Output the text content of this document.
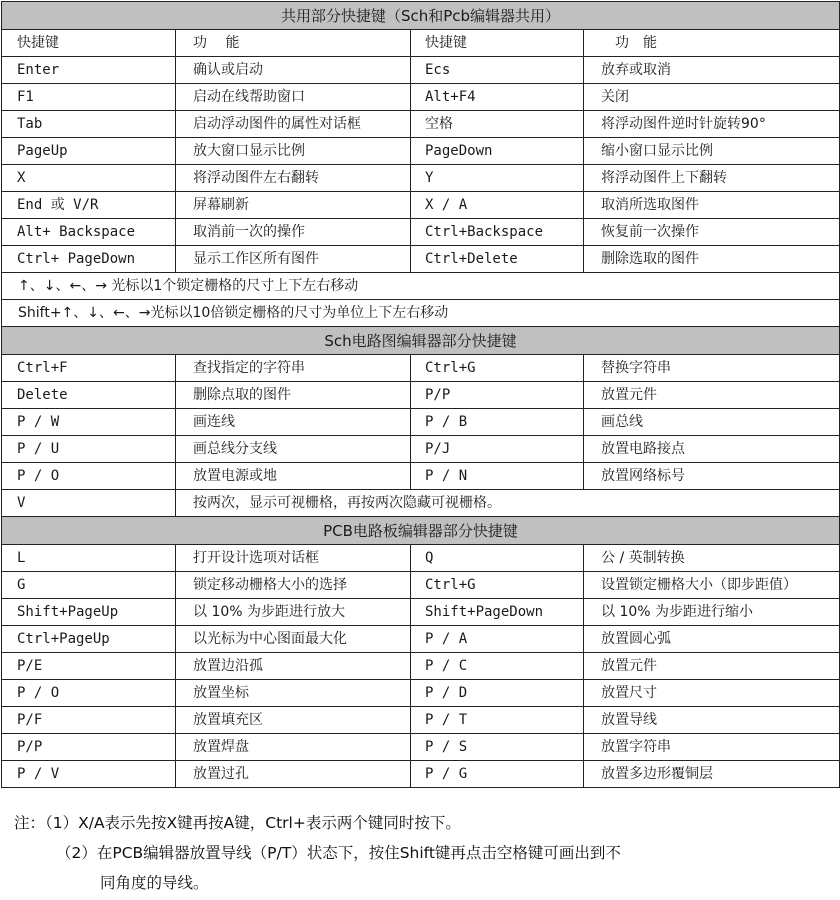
共用部分快捷键（Sch和Pcb编辑器共用）			
快捷键	功　 能	快捷键	　功　能
Enter	确认或启动	Ecs	放弃或取消
F1	启动在线帮助窗口	Alt+F4	关闭
Tab	启动浮动图件的属性对话框	空格	将浮动图件逆时针旋转90°
PageUp	放大窗口显示比例	PageDown	缩小窗口显示比例
X	将浮动图件左右翻转	Y	将浮动图件上下翻转
End 或 V/R	屏幕刷新	X / A	取消所选取图件
Alt+ Backspace	取消前一次的操作	Ctrl+Backspace	恢复前一次操作
Ctrl+ PageDown	显示工作区所有图件	Ctrl+Delete	删除选取的图件
↑、↓、←、→ 光标以1个锁定栅格的尺寸上下左右移动			
Shift+↑、↓、←、→光标以10倍锁定栅格的尺寸为单位上下左右移动			
Sch电路图编辑器部分快捷键			
Ctrl+F	查找指定的字符串	Ctrl+G	替换字符串
Delete	删除点取的图件	P/P	放置元件
P / W	画连线	P / B	画总线
P / U	画总线分支线	P/J	放置电路接点
P / O	放置电源或地	P / N	放置网络标号
V	按两次，显示可视栅格，再按两次隐藏可视栅格。		
PCB电路板编辑器部分快捷键			
L	打开设计选项对话框	Q	公 / 英制转换
G	锁定移动栅格大小的选择	Ctrl+G	设置锁定栅格大小（即步距值）
Shift+PageUp	以 10% 为步距进行放大	Shift+PageDown	以 10% 为步距进行缩小
Ctrl+PageUp	以光标为中心图面最大化	P / A	放置圆心弧
P/E	放置边沿孤	P / C	放置元件
P / O	放置坐标	P / D	放置尺寸
P/F	放置填充区	P / T	放置导线
P/P	放置焊盘	P / S	放置字符串
P / V	放置过孔	P / G	放置多边形覆铜层
注：（1）X/A表示先按X键再按A键，Ctrl+表示两个键同时按下。
（2）在PCB编辑器放置导线（P/T）状态下，按住Shift键再点击空格键可画出到不
同角度的导线。
